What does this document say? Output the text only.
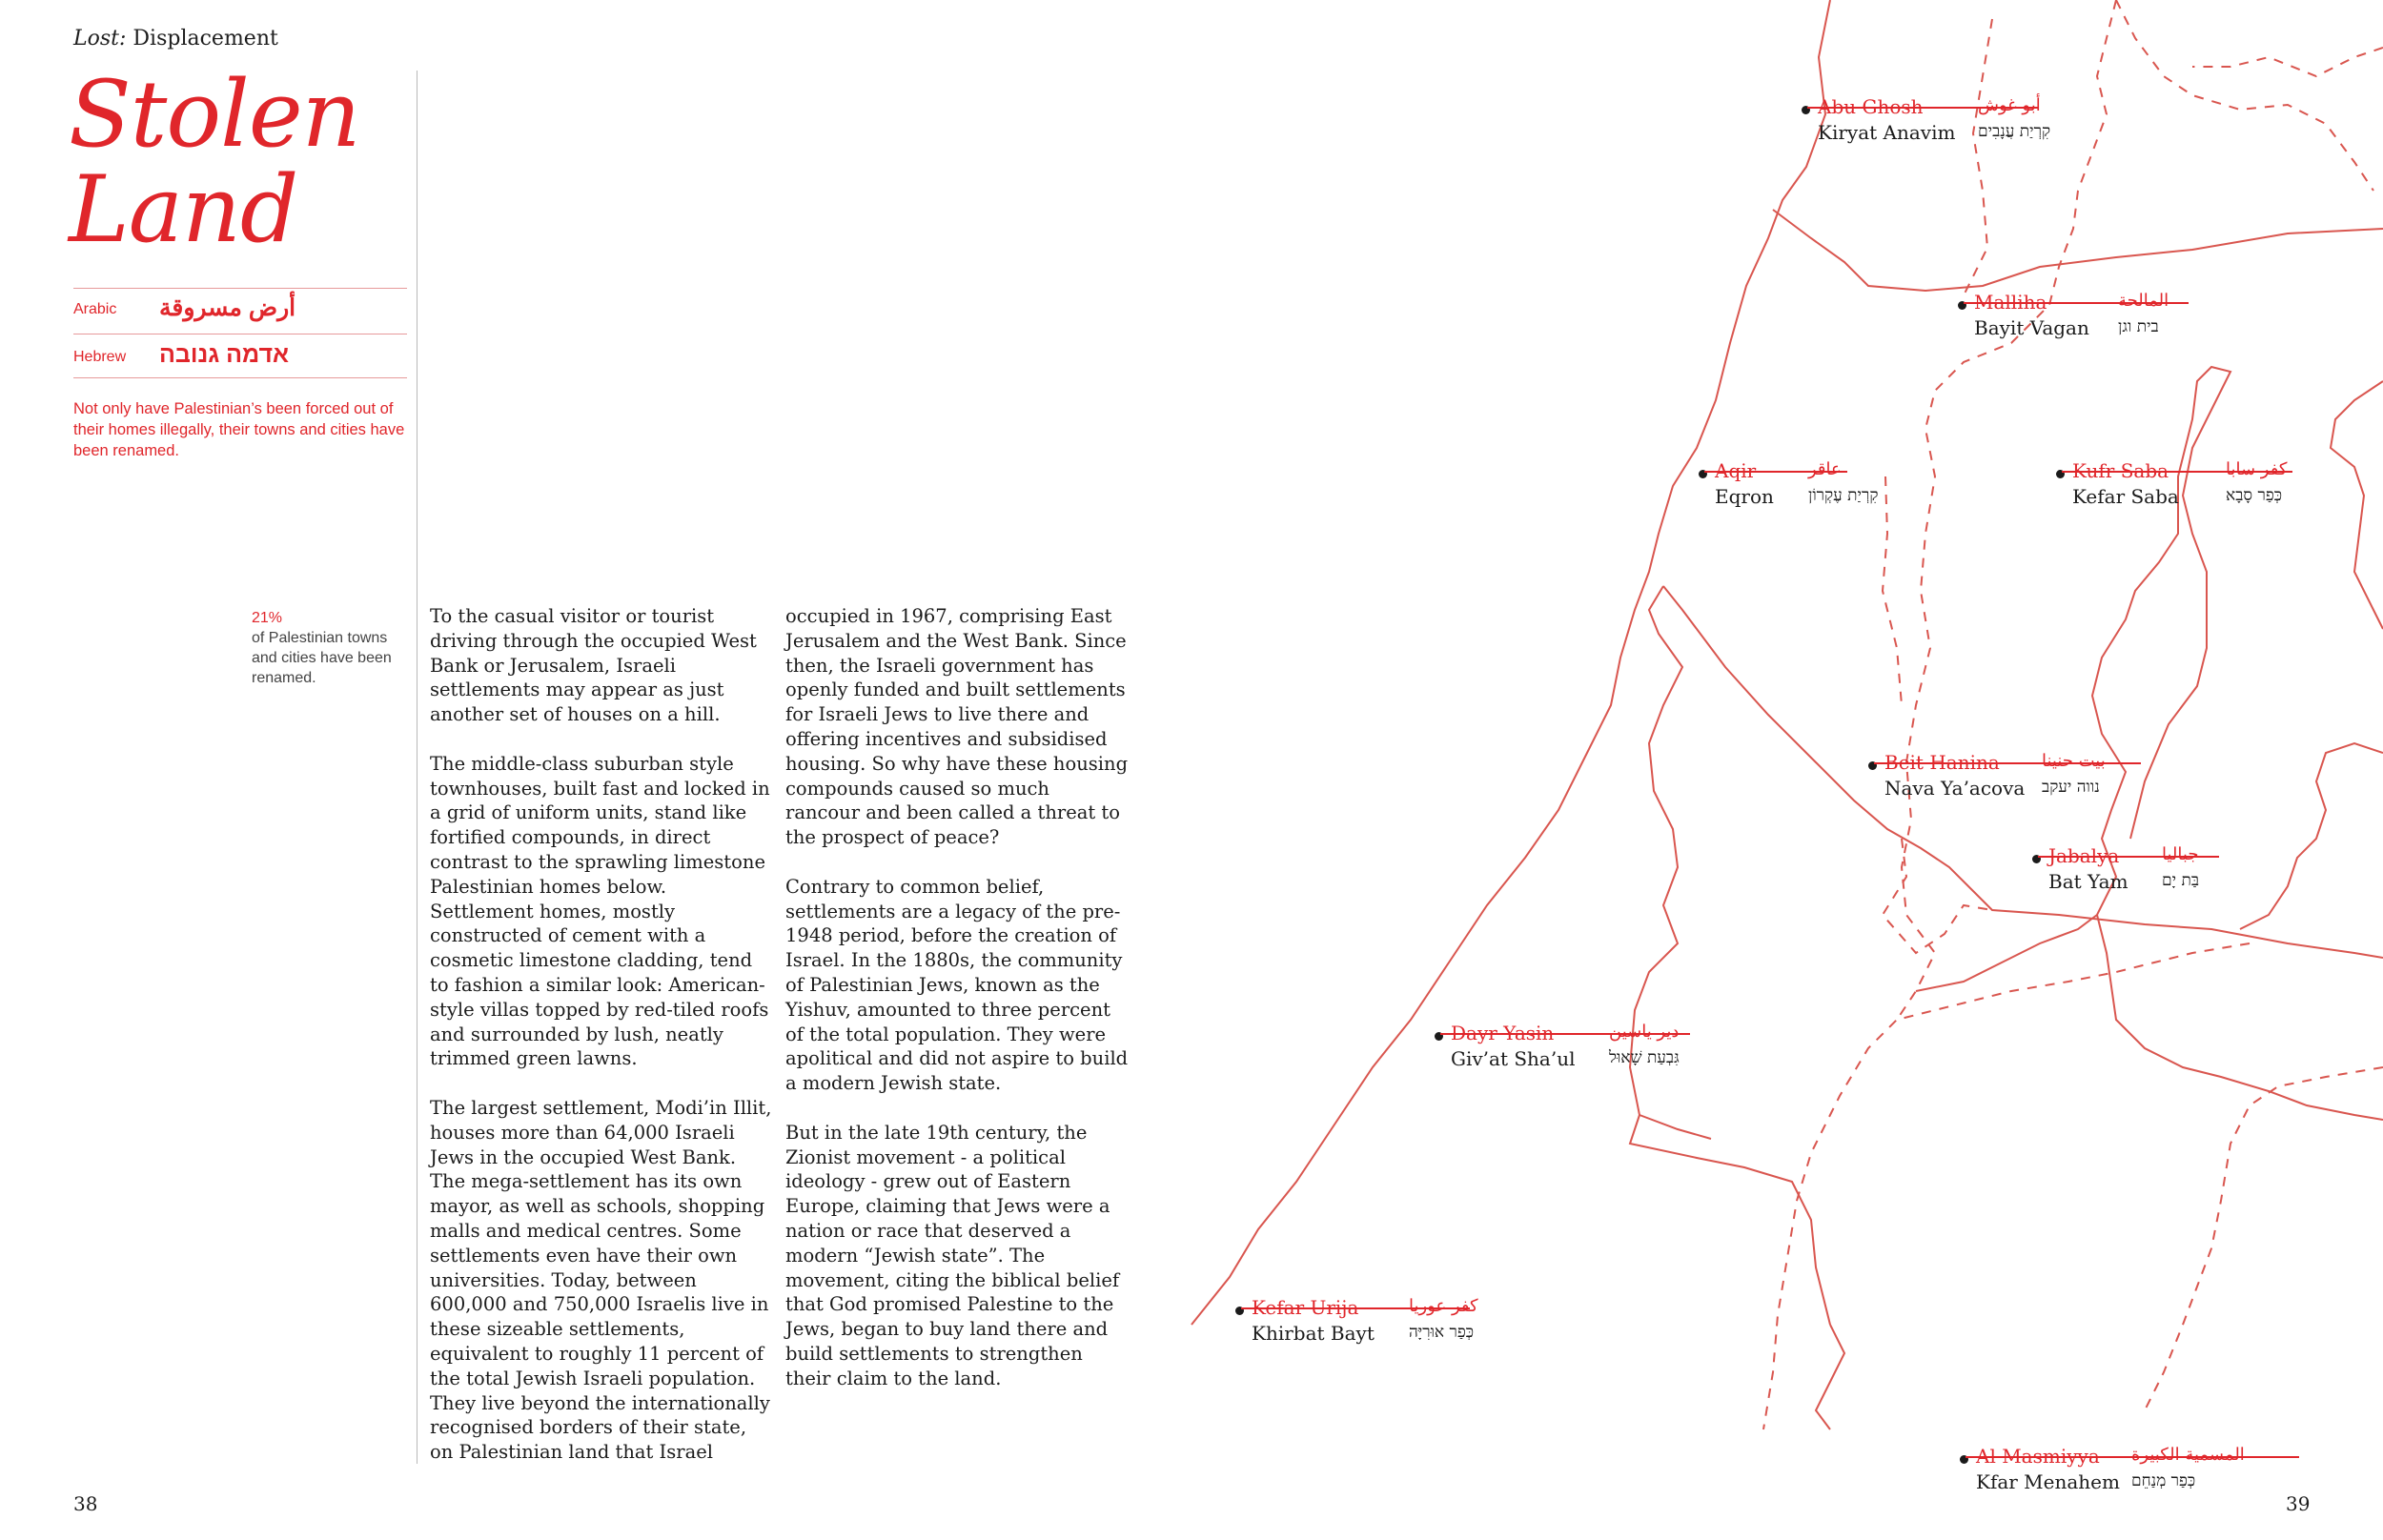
Lost: Displacement
Stolen
Land
Arabic أرض مسروقة
Hebrew אדמה גנובה
Not only have Palestinian’s been forced out of their homes illegally, their towns and cities have been renamed.
21%
of Palestinian towns and cities have been renamed.

To the casual visitor or tourist driving through the occupied West Bank or Jerusalem, Israeli settlements may appear as just another set of houses on a hill.

The middle-class suburban style townhouses, built fast and locked in a grid of uniform units, stand like fortified compounds, in direct contrast to the sprawling limestone Palestinian homes below. Settlement homes, mostly constructed of cement with a cosmetic limestone cladding, tend to fashion a similar look: American-style villas topped by red-tiled roofs and surrounded by lush, neatly trimmed green lawns.

The largest settlement, Modi’in Illit, houses more than 64,000 Israeli Jews in the occupied West Bank. The mega-settlement has its own mayor, as well as schools, shopping malls and medical centres. Some settlements even have their own universities. Today, between 600,000 and 750,000 Israelis live in these sizeable settlements, equivalent to roughly 11 percent of the total Jewish Israeli population. They live beyond the internationally recognised borders of their state, on Palestinian land that Israel

occupied in 1967, comprising East Jerusalem and the West Bank. Since then, the Israeli government has openly funded and built settlements for Israeli Jews to live there and offering incentives and subsidised housing. So why have these housing compounds caused so much rancour and been called a threat to the prospect of peace?

Contrary to common belief, settlements are a legacy of the pre-1948 period, before the creation of Israel. In the 1880s, the community of Palestinian Jews, known as the Yishuv, amounted to three percent of the total population. They were apolitical and did not aspire to build a modern Jewish state.

But in the late 19th century, the Zionist movement - a political ideology - grew out of Eastern Europe, claiming that Jews were a nation or race that deserved a modern “Jewish state”. The movement, citing the biblical belief that God promised Palestine to the Jews, began to buy land there and build settlements to strengthen their claim to the land.

38	39
Abu Ghosh	أبو غوش
Kiryat Anavim קִרְיַת עֲנָבִים
Malliha	المالحة
Bayit Vagan בית וגן
Aqir	عاقر
Eqron קִרְיַת עֶקְרוֹן
Kufr Saba	كفر سابا
Kefar Saba	כְּפַר סָבָא
Beit Hanina بيت حنينا
Nava Ya’acova נווה יעקב
Jabalya جباليا
Bat Yam בַּת יָם
Dayr Yasin	دير ياسين
Giv’at Sha’ul גִּבְעַת שָׁאוּל
Kefar Urija	كفر عوريا
Khirbat Bayt כְּפַר אוּרִיָּה
Al Masmiyya المسمية الكبيرة
Kfar Menahem כְּפַר מְנַחֵם
